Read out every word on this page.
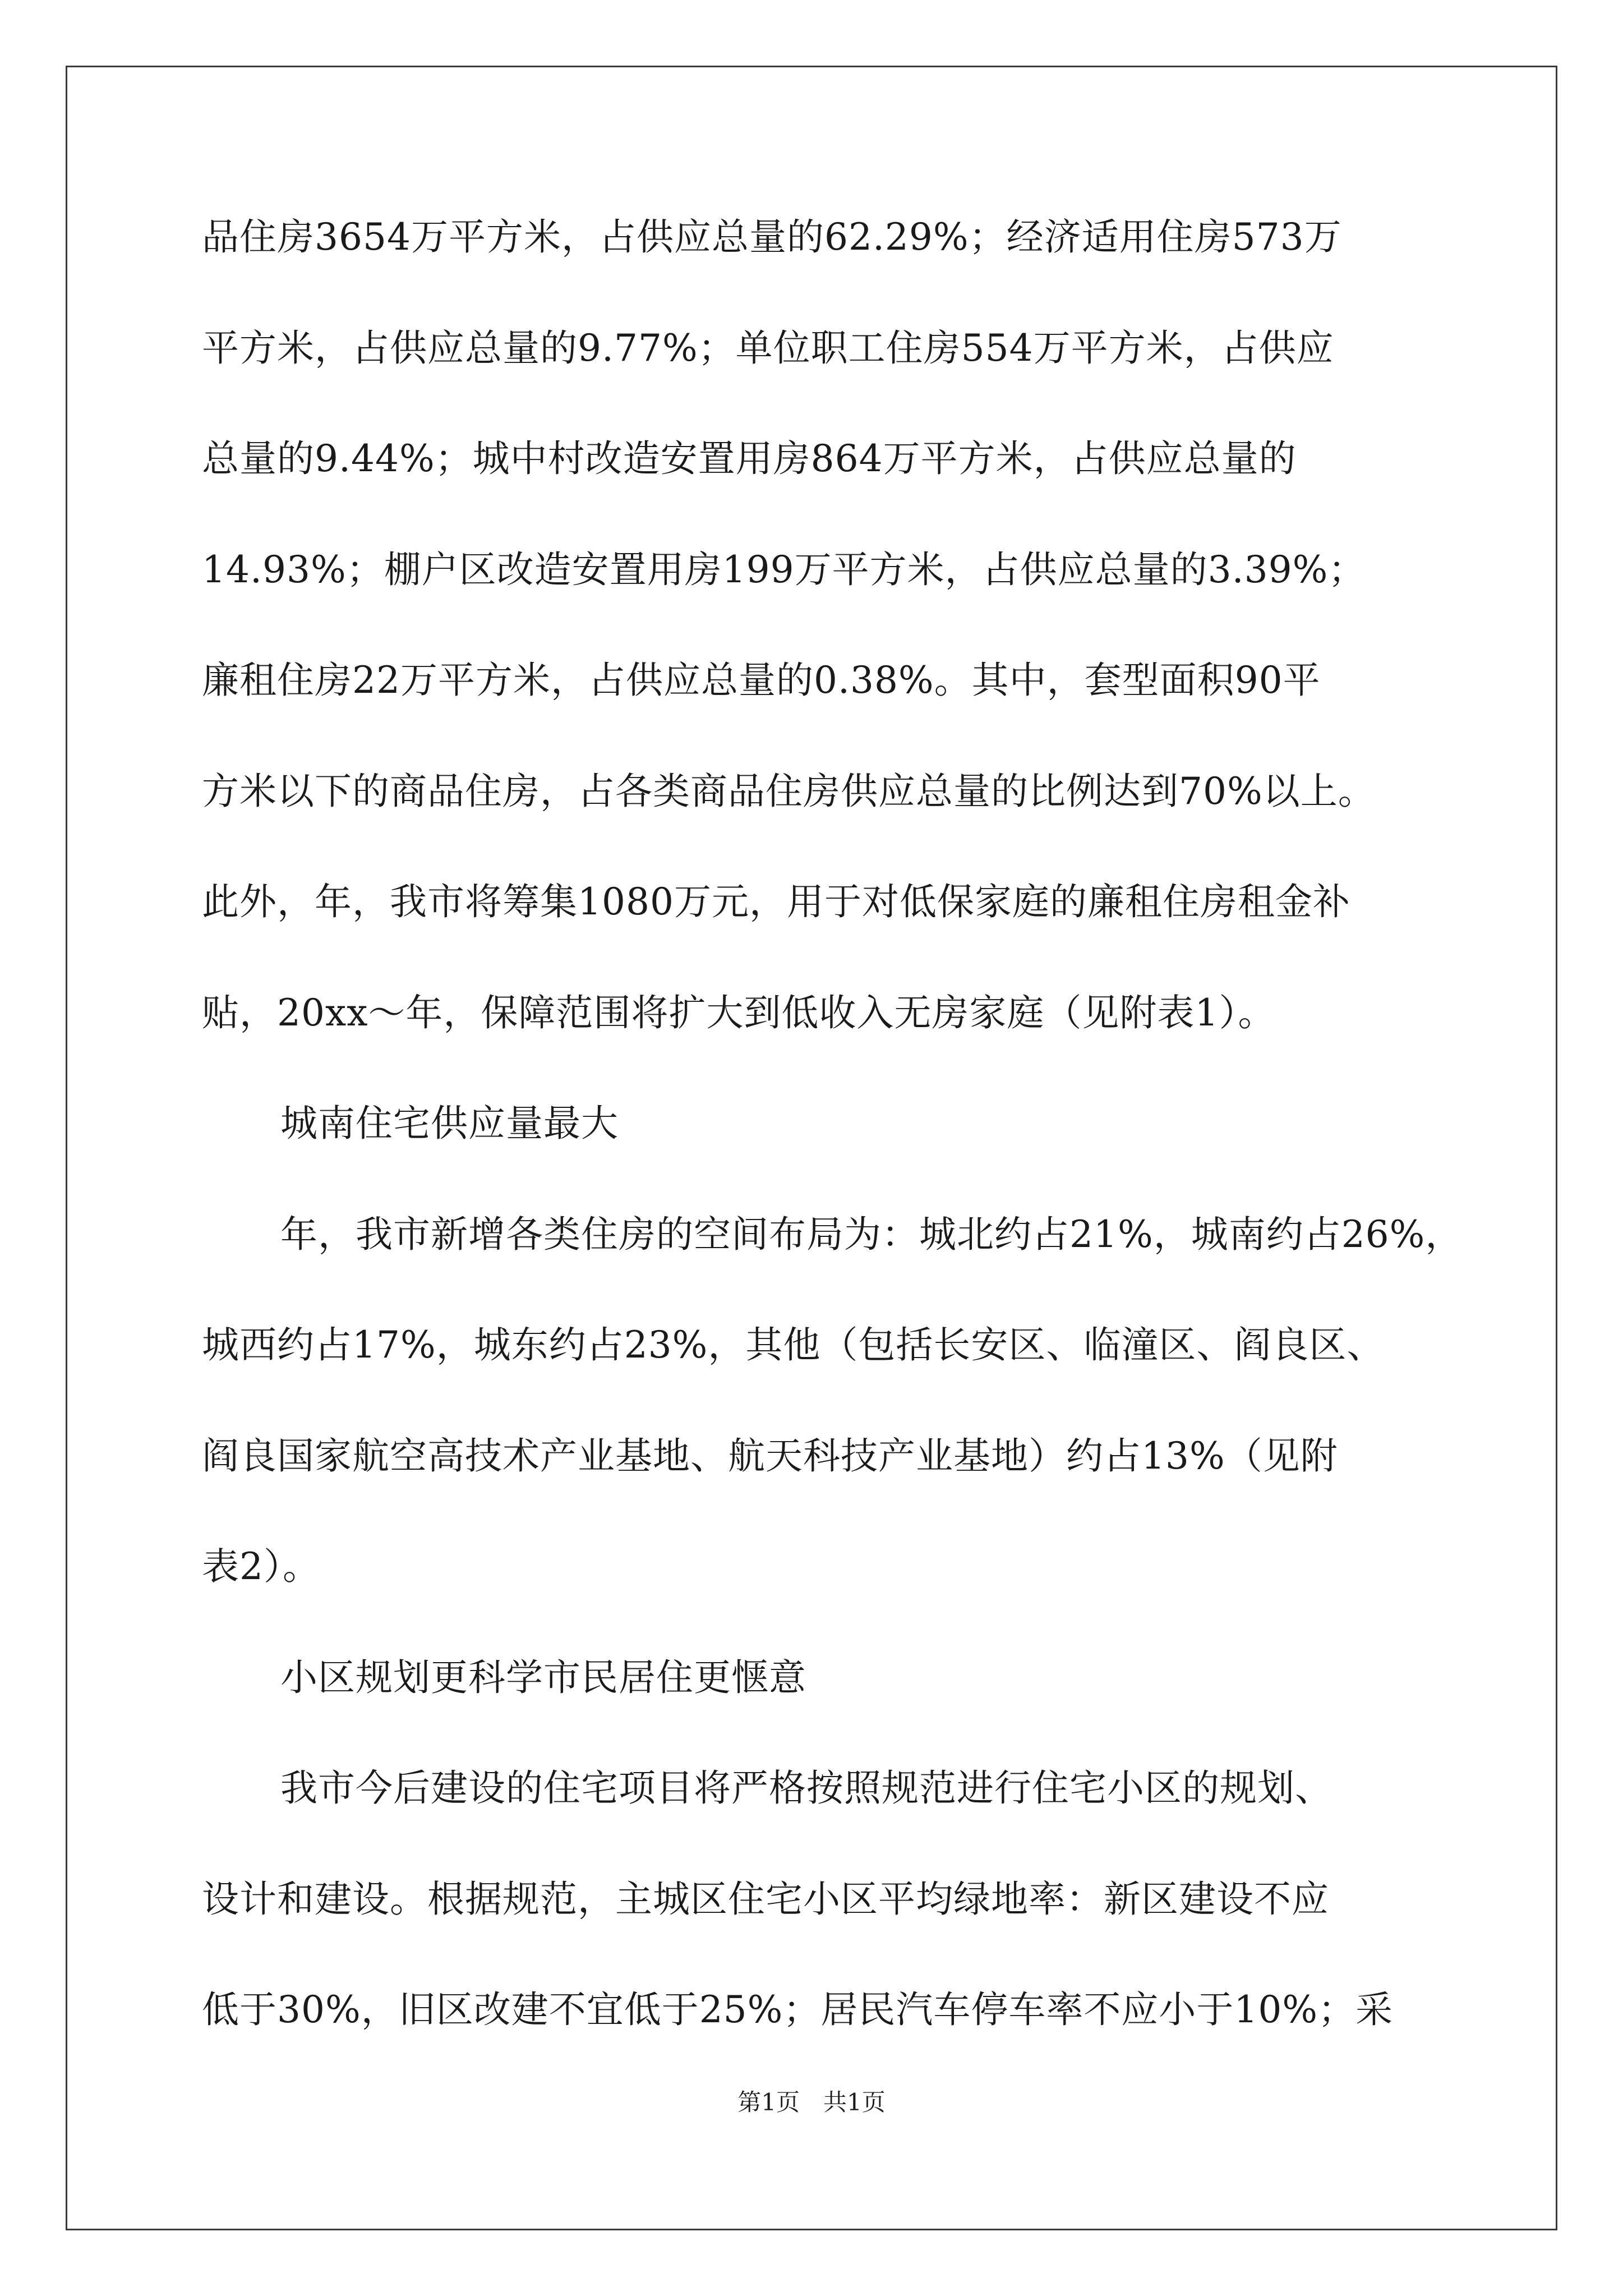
品住房3654万平方米，占供应总量的62.29%；经济适用住房573万

平方米，占供应总量的9.77%；单位职工住房554万平方米，占供应

总量的9.44%；城中村改造安置用房864万平方米，占供应总量的

14.93%；棚户区改造安置用房199万平方米，占供应总量的3.39%；

廉租住房22万平方米，占供应总量的0.38%。其中，套型面积90平

方米以下的商品住房，占各类商品住房供应总量的比例达到70%以上。

此外，年，我市将筹集1080万元，用于对低保家庭的廉租住房租金补

贴，20xx～年，保障范围将扩大到低收入无房家庭（见附表1）。

城南住宅供应量最大

年，我市新增各类住房的空间布局为：城北约占21%，城南约占26%，

城西约占17%，城东约占23%，其他（包括长安区、临潼区、阎良区、

阎良国家航空高技术产业基地、航天科技产业基地）约占13%（见附

表2）。

小区规划更科学市民居住更惬意

我市今后建设的住宅项目将严格按照规范进行住宅小区的规划、

设计和建设。根据规范，主城区住宅小区平均绿地率：新区建设不应

低于30%，旧区改建不宜低于25%；居民汽车停车率不应小于10%；采

第1页　共1页
